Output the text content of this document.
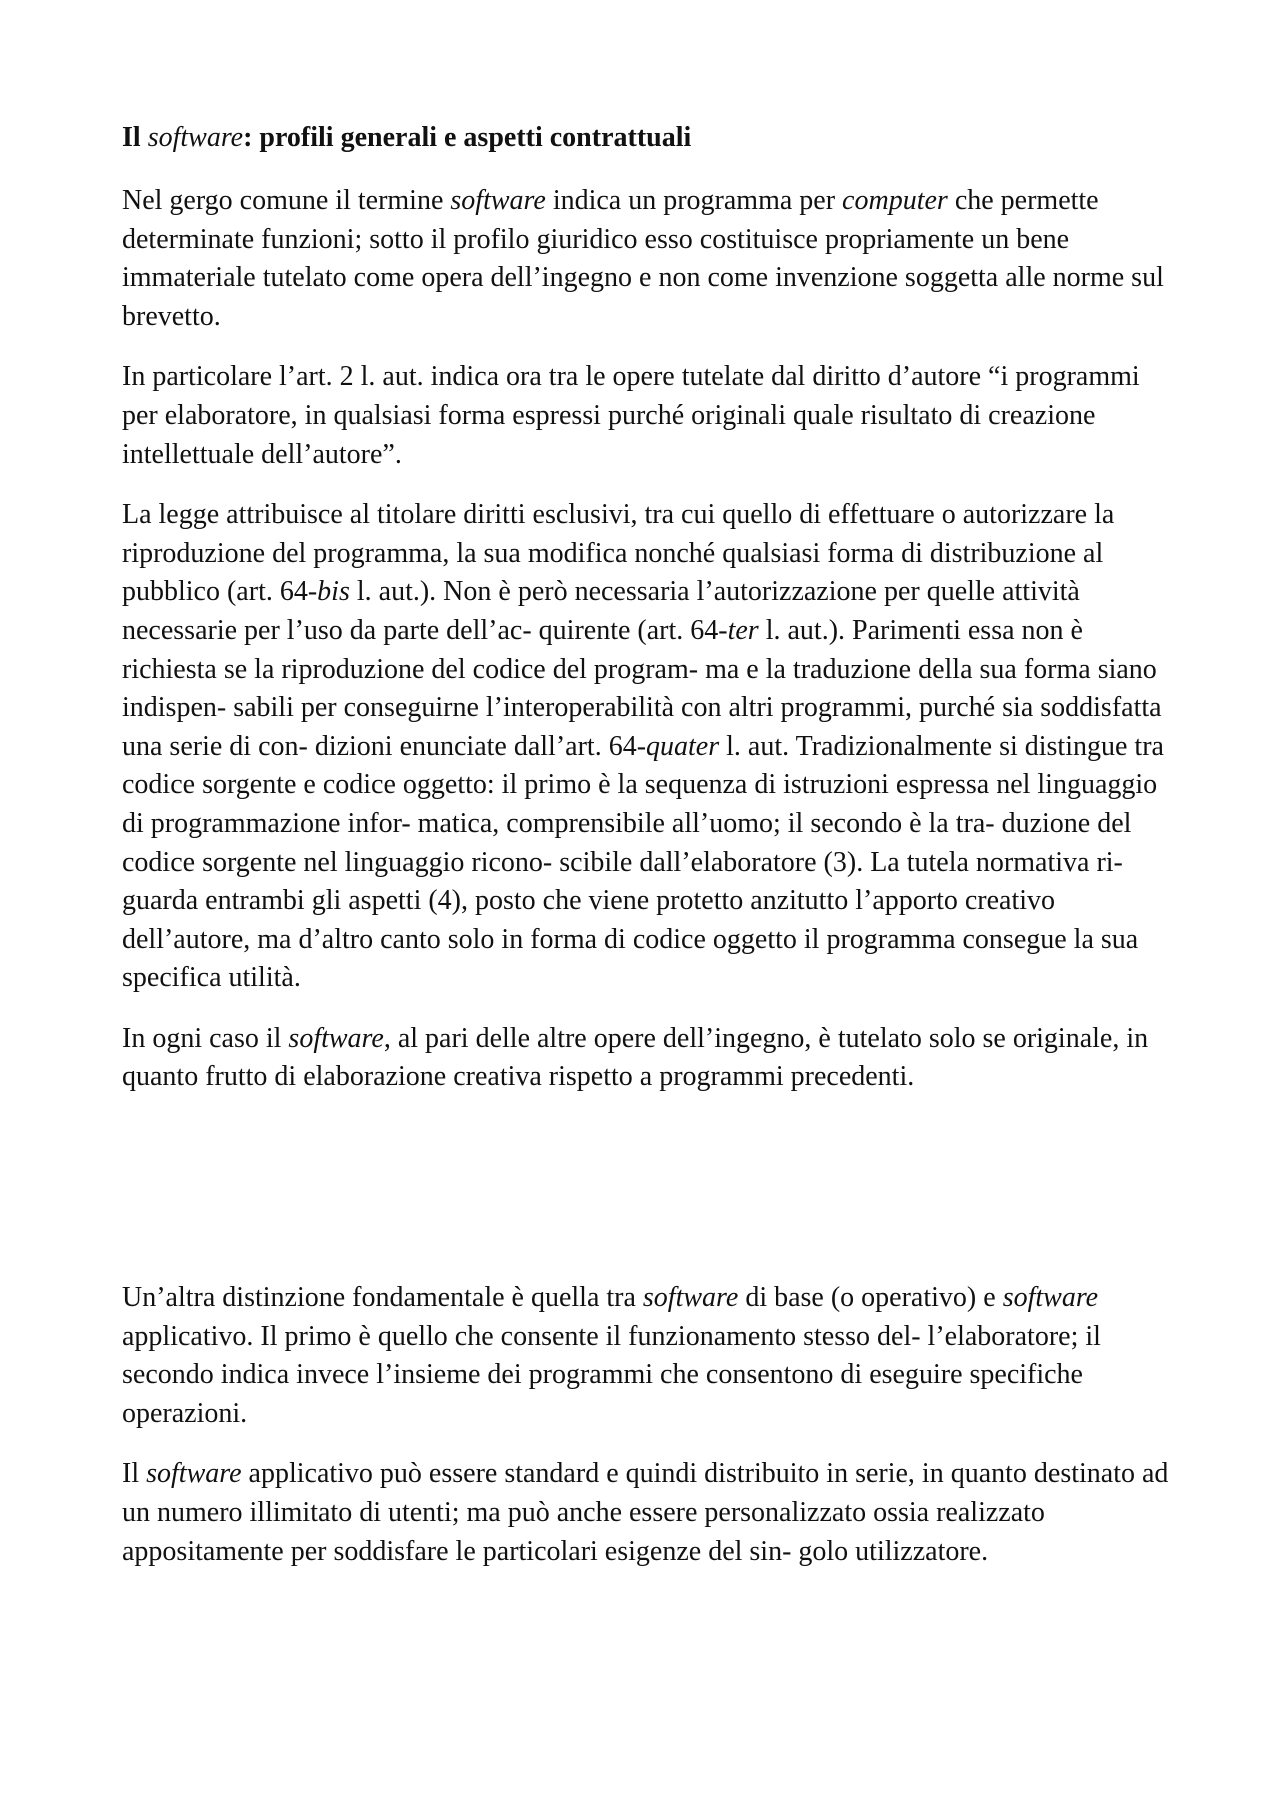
Il software: profili generali e aspetti contrattuali

Nel gergo comune il termine software indica un programma per computer che permette determinate funzioni; sotto il profilo giuridico esso costituisce propriamente un bene immateriale tutelato come opera dell’ingegno e non come invenzione soggetta alle norme sul brevetto.

In particolare l’art. 2 l. aut. indica ora tra le opere tutelate dal diritto d’autore “i programmi per elaboratore, in qualsiasi forma espressi purché originali quale risultato di creazione intellettuale dell’autore”.

La legge attribuisce al titolare diritti esclusivi, tra cui quello di effettuare o autorizzare la riproduzione del programma, la sua modifica nonché qualsiasi forma di distribuzione al pubblico (art. 64-bis l. aut.). Non è però necessaria l’autorizzazione per quelle attività necessarie per l’uso da parte dell’ac- quirente (art. 64-ter l. aut.). Parimenti essa non è richiesta se la riproduzione del codice del program- ma e la traduzione della sua forma siano indispen- sabili per conseguirne l’interoperabilità con altri programmi, purché sia soddisfatta una serie di con- dizioni enunciate dall’art. 64-quater l. aut. Tradizionalmente si distingue tra codice sorgente e codice oggetto: il primo è la sequenza di istruzioni espressa nel linguaggio di programmazione infor- matica, comprensibile all’uomo; il secondo è la tra- duzione del codice sorgente nel linguaggio ricono- scibile dall’elaboratore (3). La tutela normativa ri- guarda entrambi gli aspetti (4), posto che viene protetto anzitutto l’apporto creativo dell’autore, ma d’altro canto solo in forma di codice oggetto il programma consegue la sua specifica utilità.

In ogni caso il software, al pari delle altre opere dell’ingegno, è tutelato solo se originale, in quanto frutto di elaborazione creativa rispetto a programmi precedenti.

Un’altra distinzione fondamentale è quella tra software di base (o operativo) e software applicativo. Il primo è quello che consente il funzionamento stesso del- l’elaboratore; il secondo indica invece l’insieme dei programmi che consentono di eseguire specifiche operazioni.

Il software applicativo può essere standard e quindi distribuito in serie, in quanto destinato ad un numero illimitato di utenti; ma può anche essere personalizzato ossia realizzato appositamente per soddisfare le particolari esigenze del sin- golo utilizzatore.
